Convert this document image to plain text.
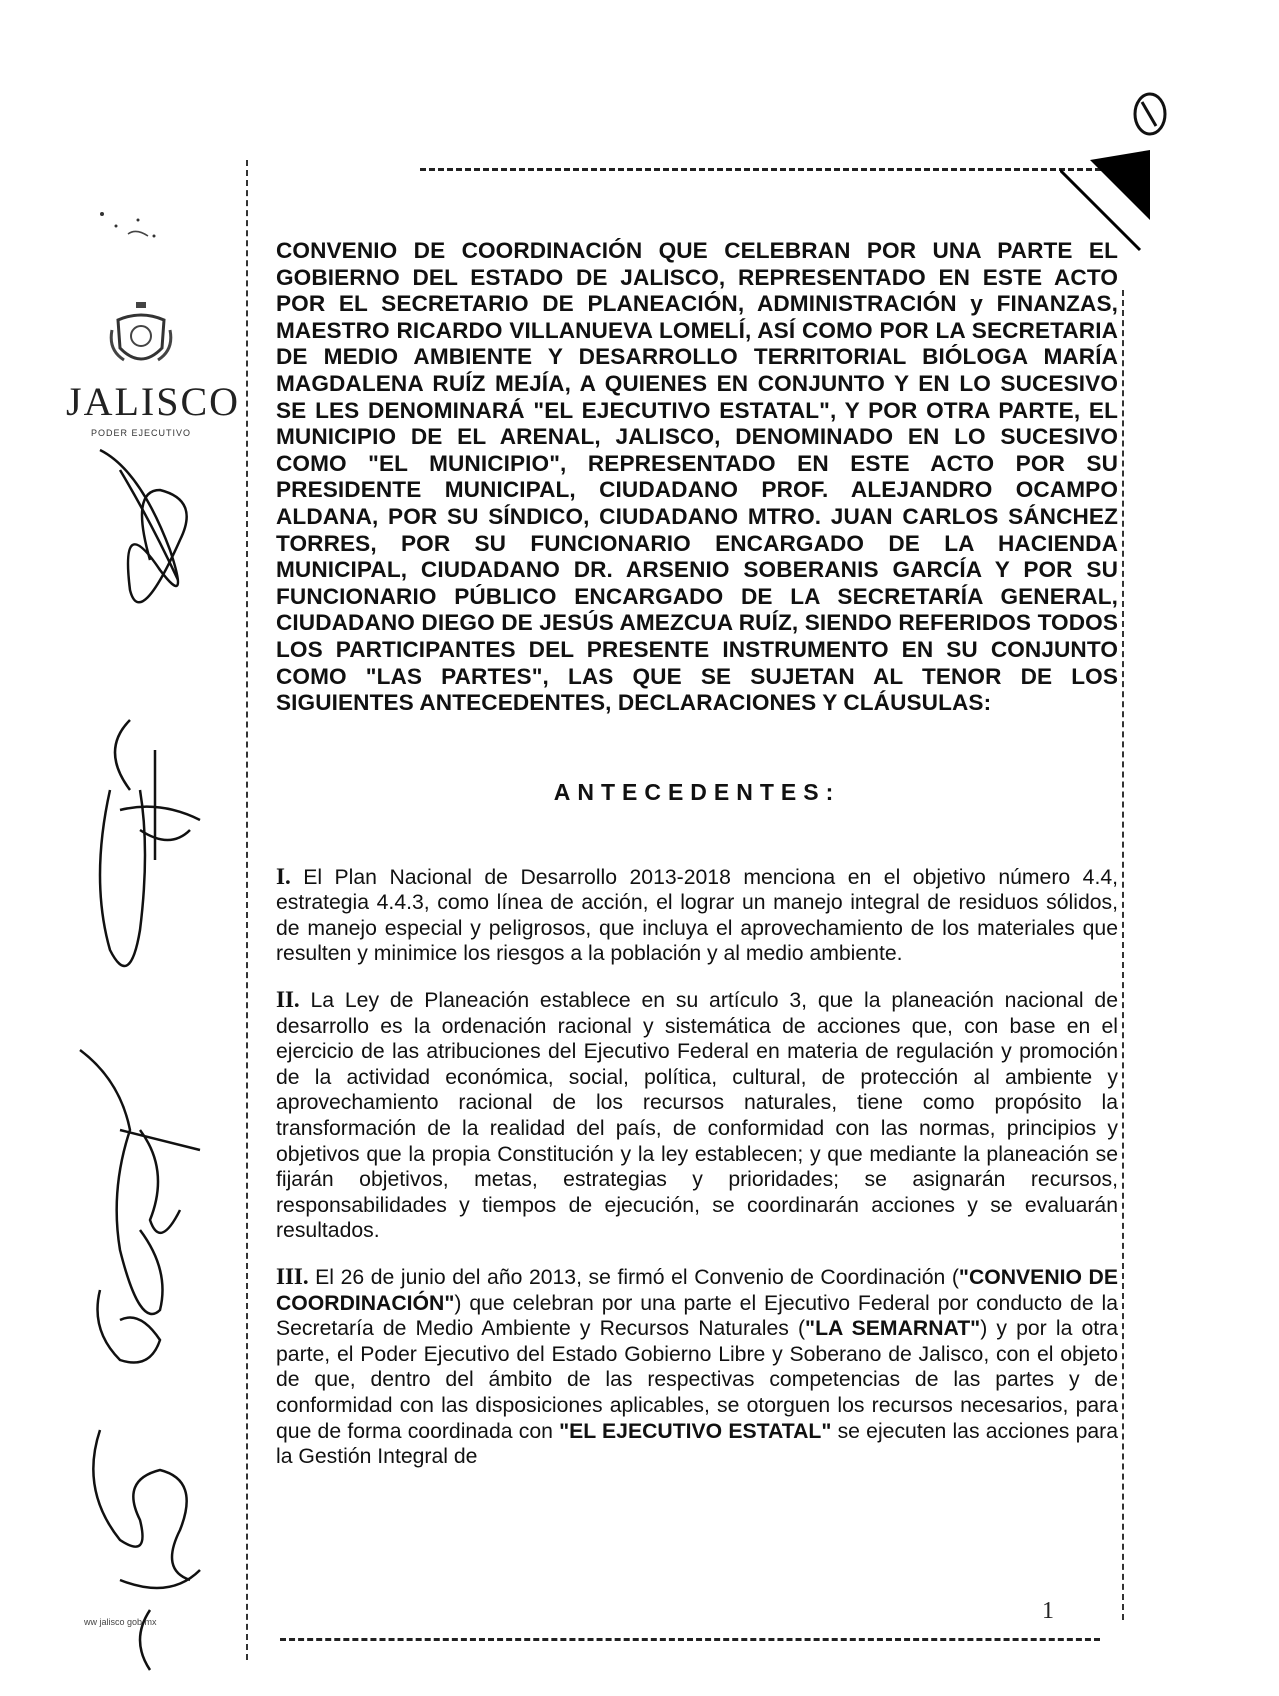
JALISCO
PODER EJECUTIVO
ww jalisco gob mx

CONVENIO DE COORDINACIÓN QUE CELEBRAN POR UNA PARTE EL GOBIERNO DEL ESTADO DE JALISCO, REPRESENTADO EN ESTE ACTO POR EL SECRETARIO DE PLANEACIÓN, ADMINISTRACIÓN y FINANZAS, MAESTRO RICARDO VILLANUEVA LOMELÍ, ASÍ COMO POR LA SECRETARIA DE MEDIO AMBIENTE Y DESARROLLO TERRITORIAL BIÓLOGA MARÍA MAGDALENA RUÍZ MEJÍA, A QUIENES EN CONJUNTO Y EN LO SUCESIVO SE LES DENOMINARÁ "EL EJECUTIVO ESTATAL", Y POR OTRA PARTE, EL MUNICIPIO DE EL ARENAL, JALISCO, DENOMINADO EN LO SUCESIVO COMO "EL MUNICIPIO", REPRESENTADO EN ESTE ACTO POR SU PRESIDENTE MUNICIPAL, CIUDADANO PROF. ALEJANDRO OCAMPO ALDANA, POR SU SÍNDICO, CIUDADANO MTRO. JUAN CARLOS SÁNCHEZ TORRES, POR SU FUNCIONARIO ENCARGADO DE LA HACIENDA MUNICIPAL, CIUDADANO DR. ARSENIO SOBERANIS GARCÍA Y POR SU FUNCIONARIO PÚBLICO ENCARGADO DE LA SECRETARÍA GENERAL, CIUDADANO DIEGO DE JESÚS AMEZCUA RUÍZ, SIENDO REFERIDOS TODOS LOS PARTICIPANTES DEL PRESENTE INSTRUMENTO EN SU CONJUNTO COMO "LAS PARTES", LAS QUE SE SUJETAN AL TENOR DE LOS SIGUIENTES ANTECEDENTES, DECLARACIONES Y CLÁUSULAS:

ANTECEDENTES:

I. El Plan Nacional de Desarrollo 2013-2018 menciona en el objetivo número 4.4, estrategia 4.4.3, como línea de acción, el lograr un manejo integral de residuos sólidos, de manejo especial y peligrosos, que incluya el aprovechamiento de los materiales que resulten y minimice los riesgos a la población y al medio ambiente.

II. La Ley de Planeación establece en su artículo 3, que la planeación nacional de desarrollo es la ordenación racional y sistemática de acciones que, con base en el ejercicio de las atribuciones del Ejecutivo Federal en materia de regulación y promoción de la actividad económica, social, política, cultural, de protección al ambiente y aprovechamiento racional de los recursos naturales, tiene como propósito la transformación de la realidad del país, de conformidad con las normas, principios y objetivos que la propia Constitución y la ley establecen; y que mediante la planeación se fijarán objetivos, metas, estrategias y prioridades; se asignarán recursos, responsabilidades y tiempos de ejecución, se coordinarán acciones y se evaluarán resultados.

III. El 26 de junio del año 2013, se firmó el Convenio de Coordinación ("CONVENIO DE COORDINACIÓN") que celebran por una parte el Ejecutivo Federal por conducto de la Secretaría de Medio Ambiente y Recursos Naturales ("LA SEMARNAT") y por la otra parte, el Poder Ejecutivo del Estado Gobierno Libre y Soberano de Jalisco, con el objeto de que, dentro del ámbito de las respectivas competencias de las partes y de conformidad con las disposiciones aplicables, se otorguen los recursos necesarios, para que de forma coordinada con "EL EJECUTIVO ESTATAL" se ejecuten las acciones para la Gestión Integral de

1
